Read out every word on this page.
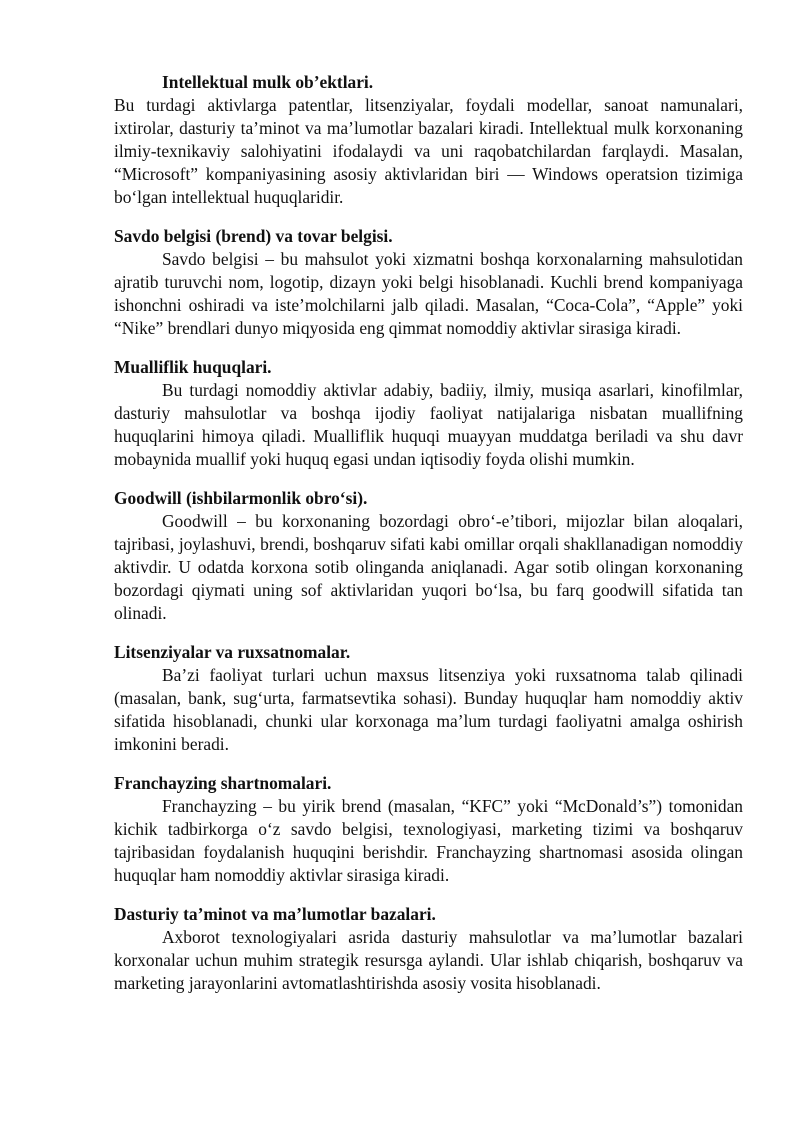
Intellektual mulk ob’ektlari.

Bu turdagi aktivlarga patentlar, litsenziyalar, foydali modellar, sanoat namunalari, ixtirolar, dasturiy ta’minot va ma’lumotlar bazalari kiradi. Intellektual mulk korxonaning ilmiy-texnikaviy salohiyatini ifodalaydi va uni raqobatchilardan farqlaydi. Masalan, “Microsoft” kompaniyasining asosiy aktivlaridan biri — Windows operatsion tizimiga bo‘lgan intellektual huquqlaridir.

Savdo belgisi (brend) va tovar belgisi.

Savdo belgisi – bu mahsulot yoki xizmatni boshqa korxonalarning mahsulotidan ajratib turuvchi nom, logotip, dizayn yoki belgi hisoblanadi. Kuchli brend kompaniyaga ishonchni oshiradi va iste’molchilarni jalb qiladi. Masalan, “Coca-Cola”, “Apple” yoki “Nike” brendlari dunyo miqyosida eng qimmat nomoddiy aktivlar sirasiga kiradi.

Mualliflik huquqlari.

Bu turdagi nomoddiy aktivlar adabiy, badiiy, ilmiy, musiqa asarlari, kinofilmlar, dasturiy mahsulotlar va boshqa ijodiy faoliyat natijalariga nisbatan muallifning huquqlarini himoya qiladi. Mualliflik huquqi muayyan muddatga beriladi va shu davr mobaynida muallif yoki huquq egasi undan iqtisodiy foyda olishi mumkin.

Goodwill (ishbilarmonlik obro‘si).

Goodwill – bu korxonaning bozordagi obro‘-e’tibori, mijozlar bilan aloqalari, tajribasi, joylashuvi, brendi, boshqaruv sifati kabi omillar orqali shakllanadigan nomoddiy aktivdir. U odatda korxona sotib olinganda aniqlanadi. Agar sotib olingan korxonaning bozordagi qiymati uning sof aktivlaridan yuqori bo‘lsa, bu farq goodwill sifatida tan olinadi.

Litsenziyalar va ruxsatnomalar.

Ba’zi faoliyat turlari uchun maxsus litsenziya yoki ruxsatnoma talab qilinadi (masalan, bank, sug‘urta, farmatsevtika sohasi). Bunday huquqlar ham nomoddiy aktiv sifatida hisoblanadi, chunki ular korxonaga ma’lum turdagi faoliyatni amalga oshirish imkonini beradi.

Franchayzing shartnomalari.

Franchayzing – bu yirik brend (masalan, “KFC” yoki “McDonald’s”) tomonidan kichik tadbirkorga o‘z savdo belgisi, texnologiyasi, marketing tizimi va boshqaruv tajribasidan foydalanish huquqini berishdir. Franchayzing shartnomasi asosida olingan huquqlar ham nomoddiy aktivlar sirasiga kiradi.

Dasturiy ta’minot va ma’lumotlar bazalari.

Axborot texnologiyalari asrida dasturiy mahsulotlar va ma’lumotlar bazalari korxonalar uchun muhim strategik resursga aylandi. Ular ishlab chiqarish, boshqaruv va marketing jarayonlarini avtomatlashtirishda asosiy vosita hisoblanadi.
